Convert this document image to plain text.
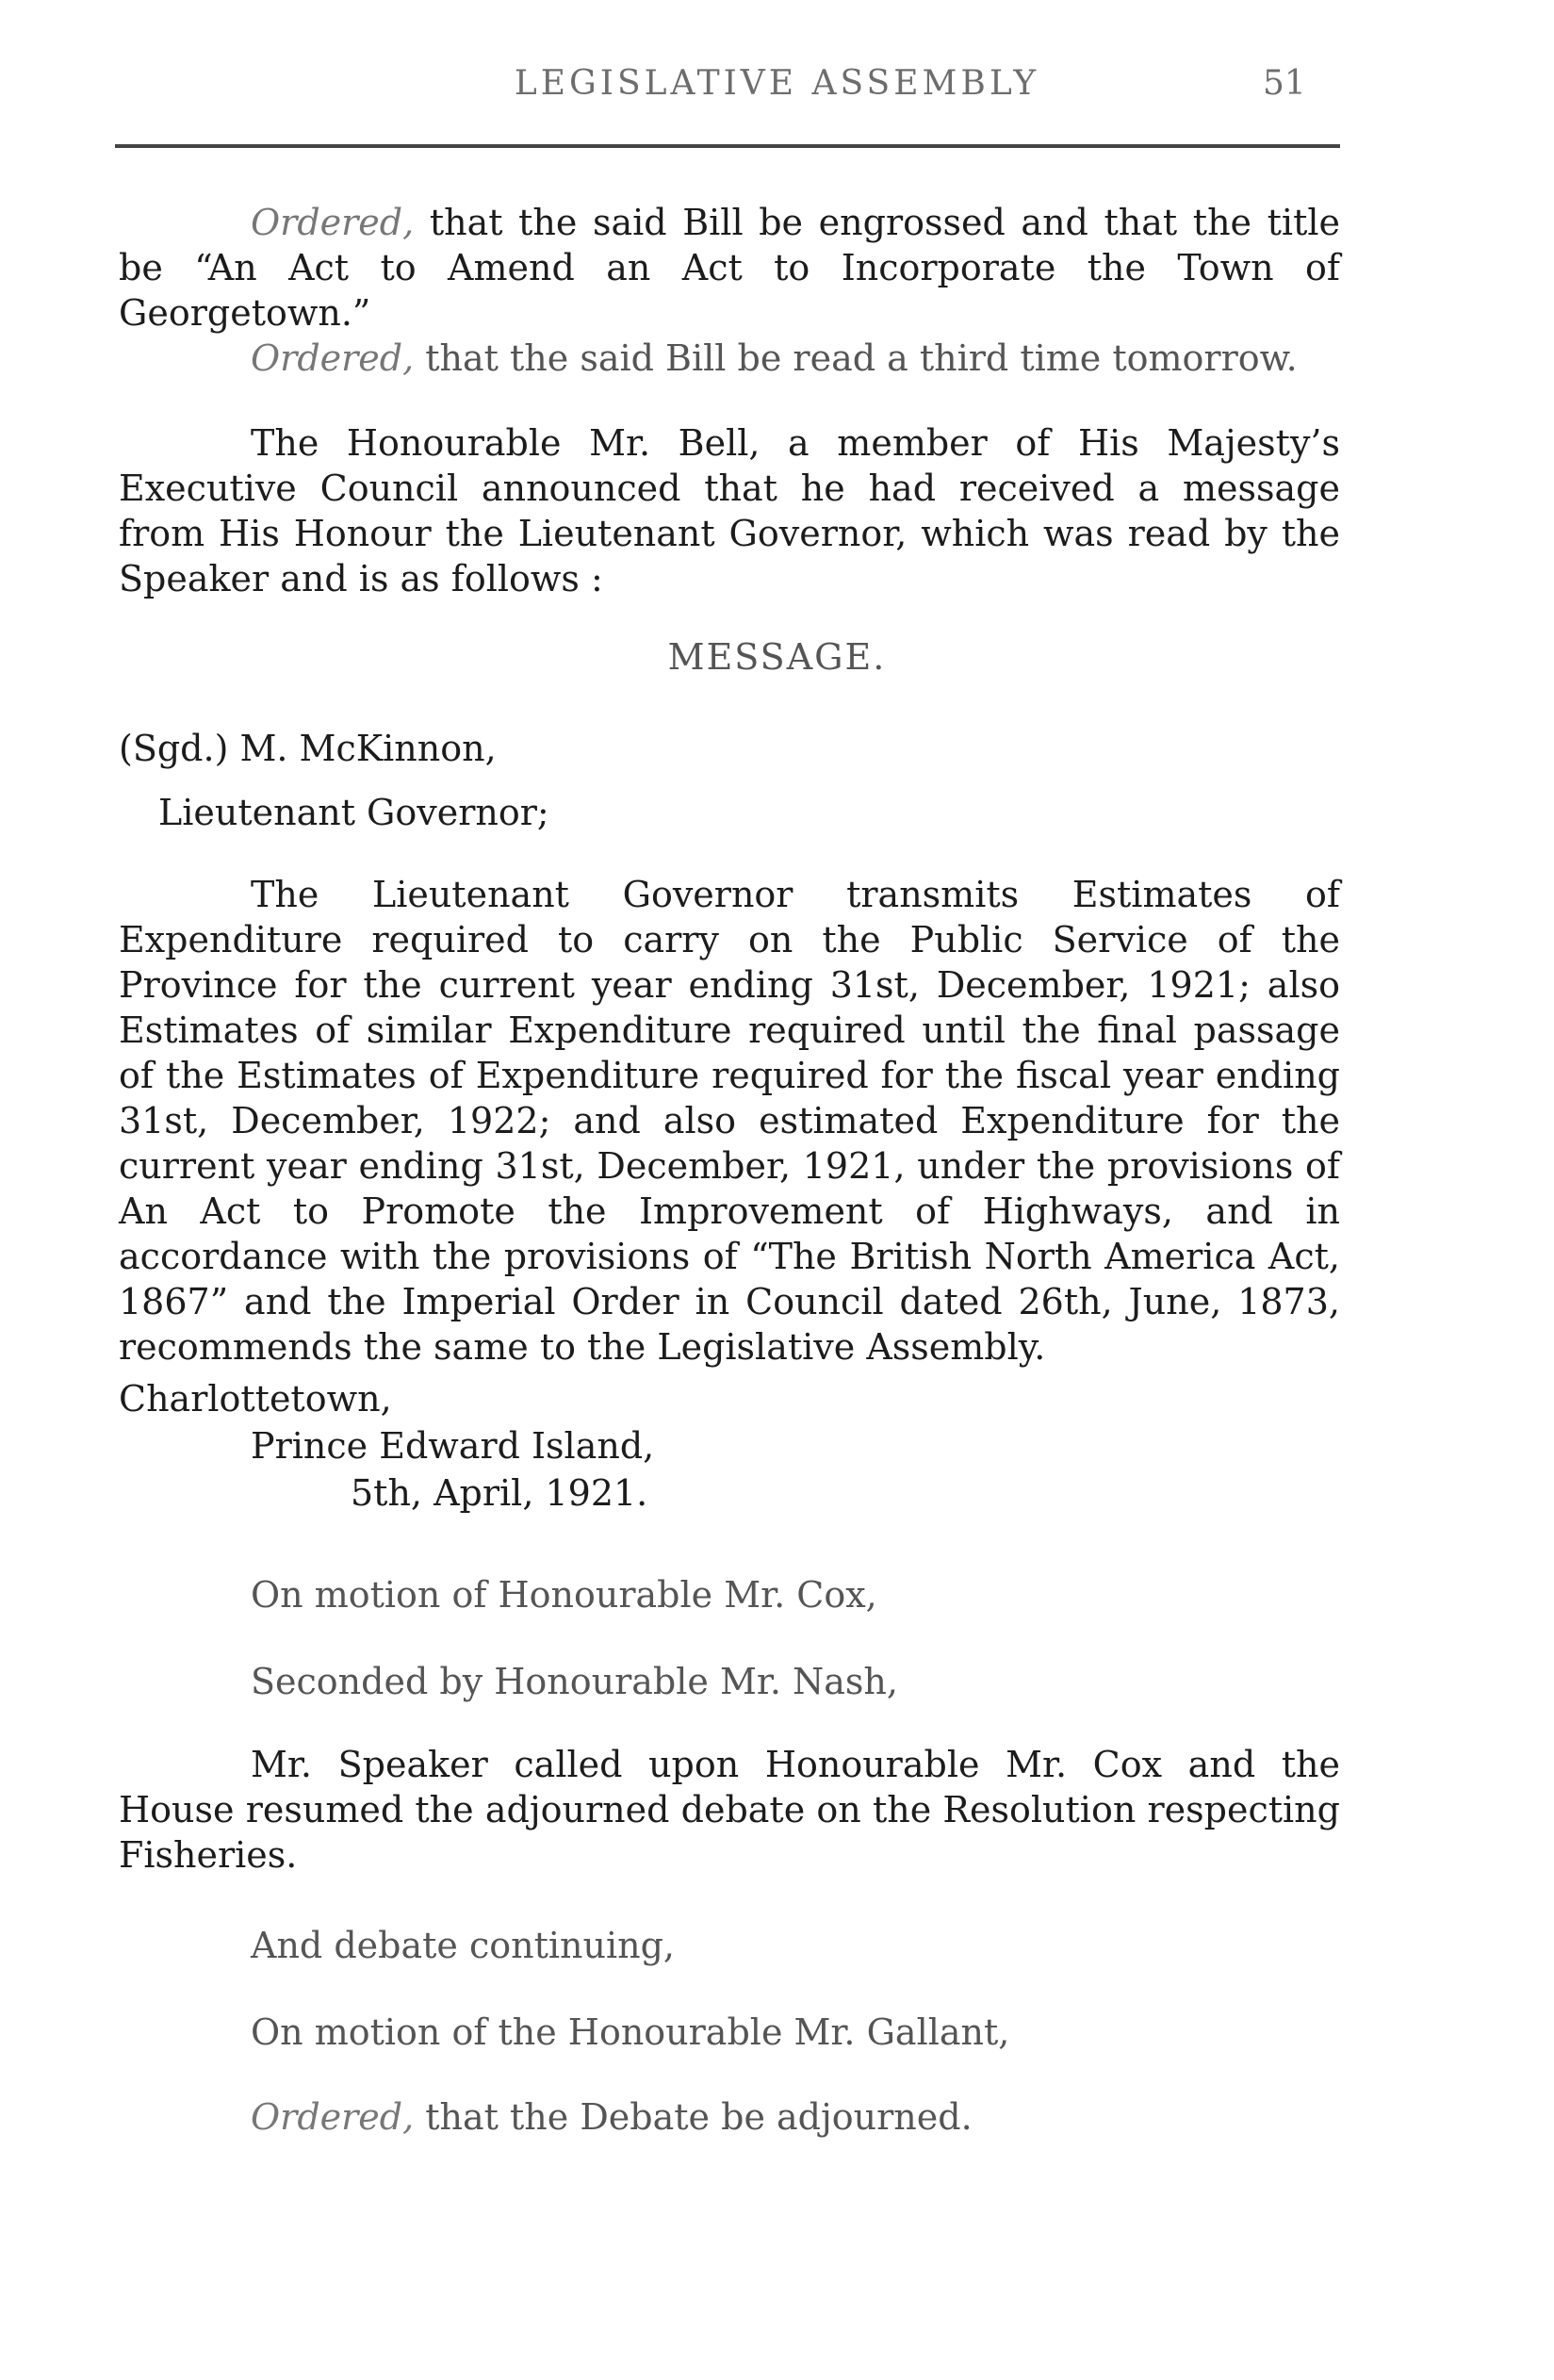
LEGISLATIVE ASSEMBLY	51

Ordered, that the said Bill be engrossed and that the title be “An Act to Amend an Act to Incorporate the Town of Georgetown.”

Ordered, that the said Bill be read a third time tomorrow.

The Honourable Mr. Bell, a member of His Majesty’s Executive Council announced that he had received a message from His Honour the Lieutenant Governor, which was read by the Speaker and is as follows :

MESSAGE.

(Sgd.) M. McKinnon,

Lieutenant Governor;

The Lieutenant Governor transmits Estimates of Expenditure required to carry on the Public Service of the Province for the current year ending 31st, December, 1921; also Estimates of similar Expenditure required until the final passage of the Estimates of Expenditure required for the fiscal year ending 31st, December, 1922; and also estimated Expenditure for the current year ending 31st, December, 1921, under the provisions of An Act to Promote the Improvement of Highways, and in accordance with the provisions of “The British North America Act, 1867” and the Imperial Order in Council dated 26th, June, 1873, recommends the same to the Legislative Assembly.

Charlottetown,

Prince Edward Island,

5th, April, 1921.

On motion of Honourable Mr. Cox,

Seconded by Honourable Mr. Nash,

Mr. Speaker called upon Honourable Mr. Cox and the House resumed the adjourned debate on the Resolution respecting Fisheries.

And debate continuing,

On motion of the Honourable Mr. Gallant,

Ordered, that the Debate be adjourned.
